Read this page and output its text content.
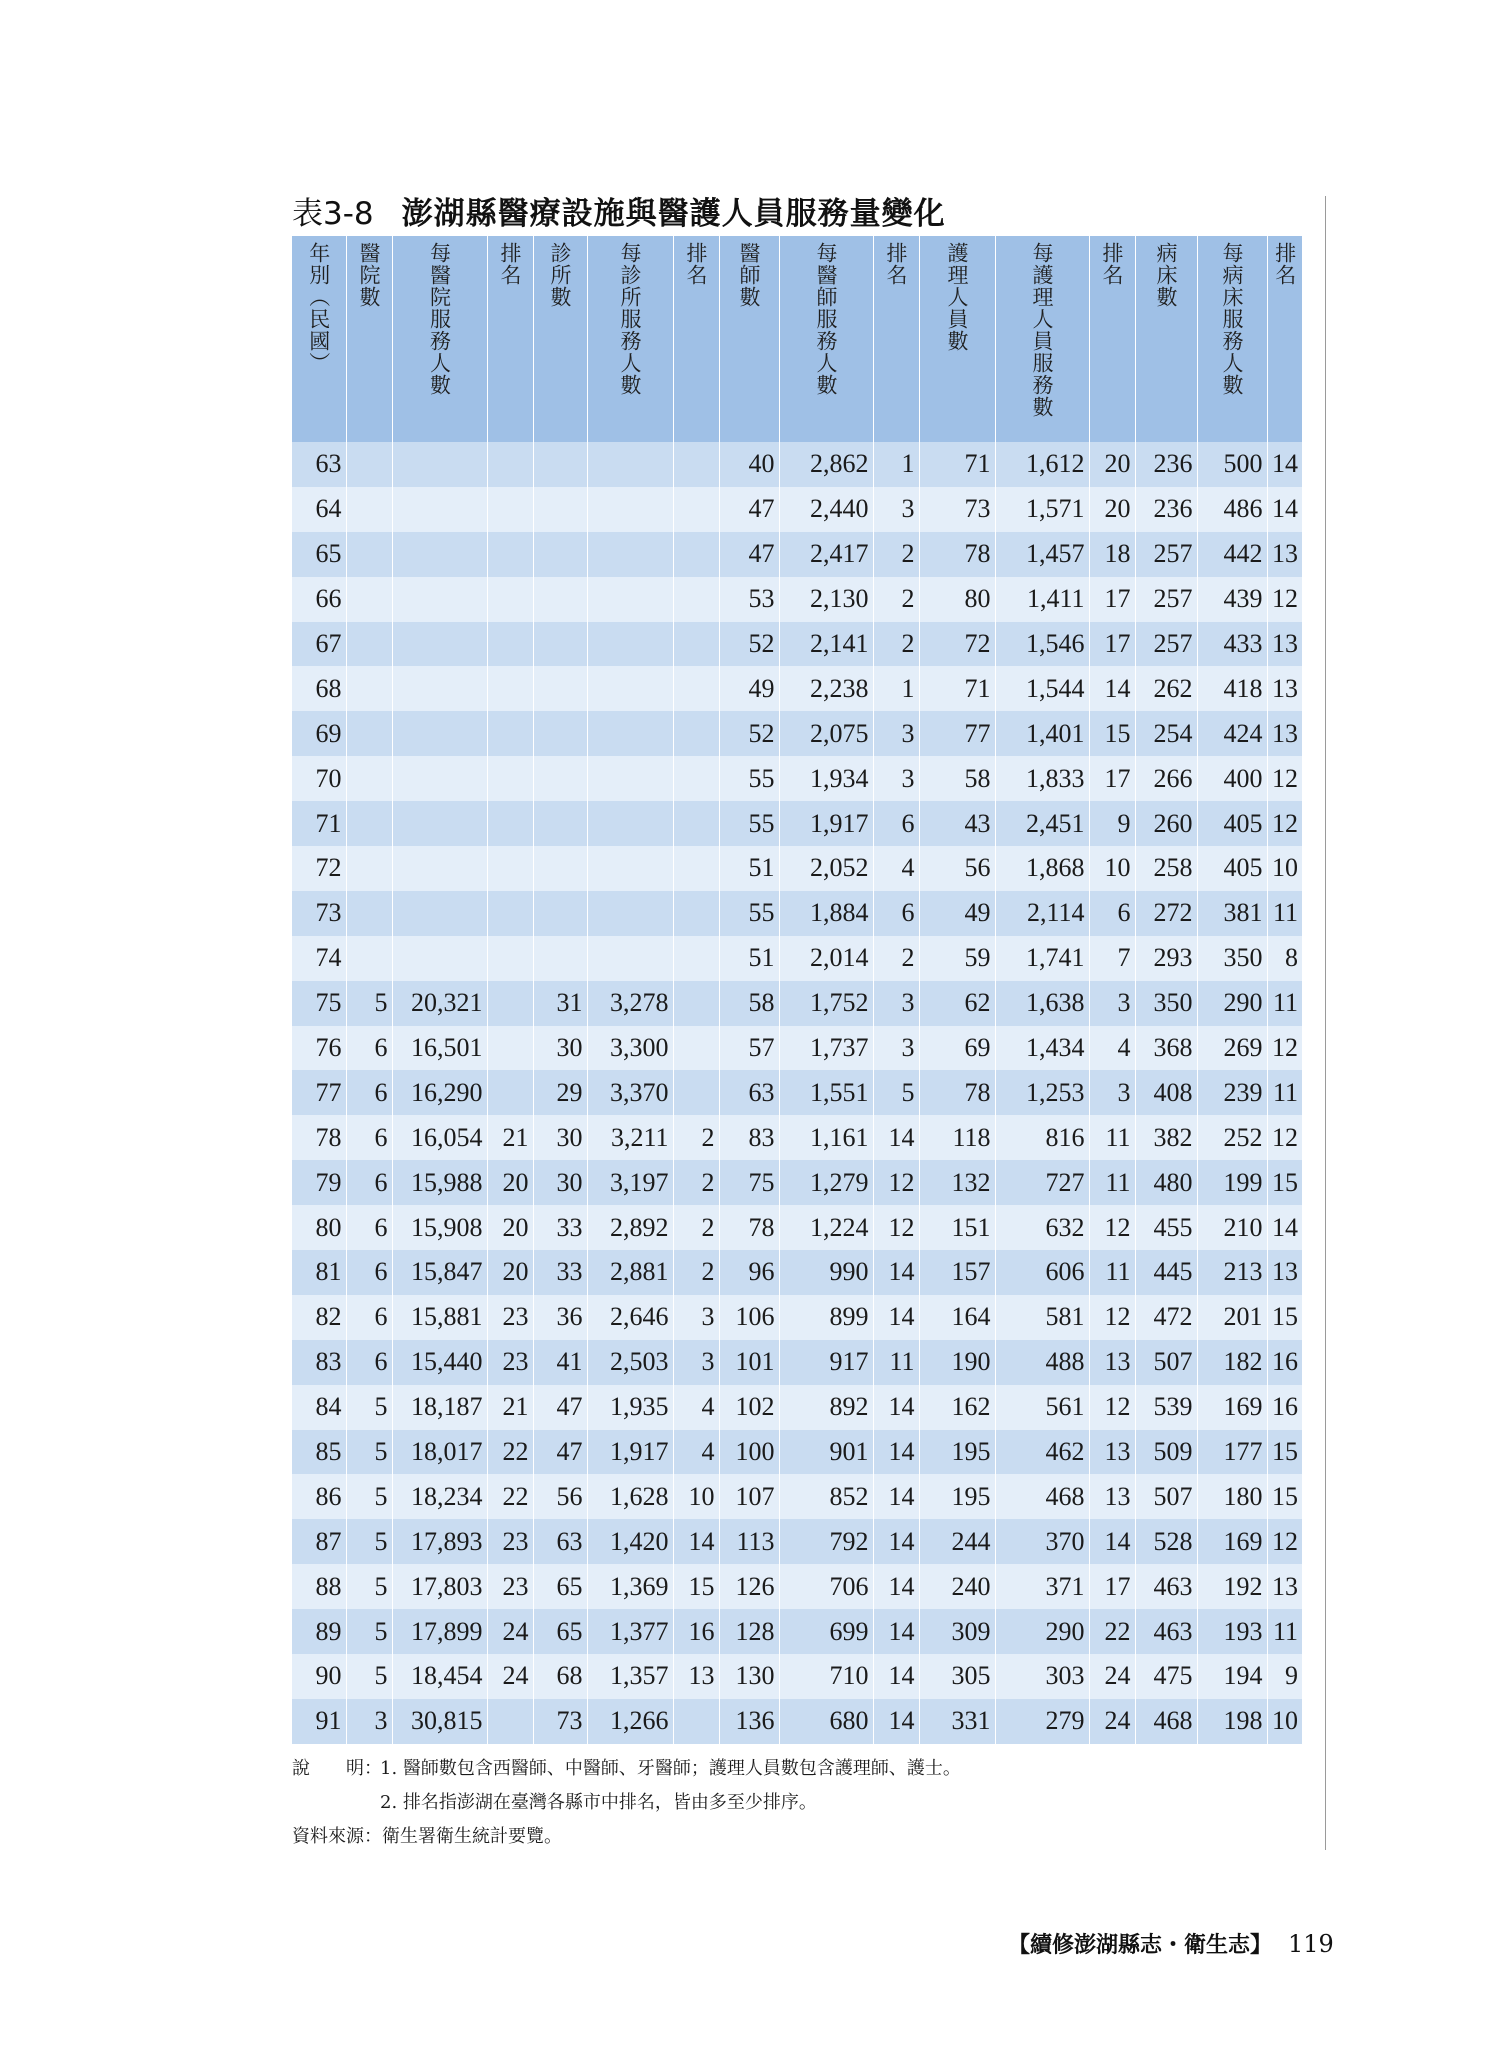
表3-8 澎湖縣醫療設施與醫護人員服務量變化
年別（民國）	醫院數	每醫院服務人數	排名	診所數	每診所服務人數	排名	醫師數	每醫師服務人數	排名	護理人員數	每護理人員服務數	排名	病床數	每病床服務人數	排名

63							40	2,862	1	71	1,612	20	236	500	14
64							47	2,440	3	73	1,571	20	236	486	14
65							47	2,417	2	78	1,457	18	257	442	13
66							53	2,130	2	80	1,411	17	257	439	12
67							52	2,141	2	72	1,546	17	257	433	13
68							49	2,238	1	71	1,544	14	262	418	13
69							52	2,075	3	77	1,401	15	254	424	13
70							55	1,934	3	58	1,833	17	266	400	12
71							55	1,917	6	43	2,451	9	260	405	12
72							51	2,052	4	56	1,868	10	258	405	10
73							55	1,884	6	49	2,114	6	272	381	11
74							51	2,014	2	59	1,741	7	293	350	8
75	5	20,321		31	3,278		58	1,752	3	62	1,638	3	350	290	11
76	6	16,501		30	3,300		57	1,737	3	69	1,434	4	368	269	12
77	6	16,290		29	3,370		63	1,551	5	78	1,253	3	408	239	11
78	6	16,054	21	30	3,211	2	83	1,161	14	118	816	11	382	252	12
79	6	15,988	20	30	3,197	2	75	1,279	12	132	727	11	480	199	15
80	6	15,908	20	33	2,892	2	78	1,224	12	151	632	12	455	210	14
81	6	15,847	20	33	2,881	2	96	990	14	157	606	11	445	213	13
82	6	15,881	23	36	2,646	3	106	899	14	164	581	12	472	201	15
83	6	15,440	23	41	2,503	3	101	917	11	190	488	13	507	182	16
84	5	18,187	21	47	1,935	4	102	892	14	162	561	12	539	169	16
85	5	18,017	22	47	1,917	4	100	901	14	195	462	13	509	177	15
86	5	18,234	22	56	1,628	10	107	852	14	195	468	13	507	180	15
87	5	17,893	23	63	1,420	14	113	792	14	244	370	14	528	169	12
88	5	17,803	23	65	1,369	15	126	706	14	240	371	17	463	192	13
89	5	17,899	24	65	1,377	16	128	699	14	309	290	22	463	193	11
90	5	18,454	24	68	1,357	13	130	710	14	305	303	24	475	194	9
91	3	30,815		73	1,266		136	680	14	331	279	24	468	198	10
說　　明：1. 醫師數包含西醫師、中醫師、牙醫師；護理人員數包含護理師、護士。
2. 排名指澎湖在臺灣各縣市中排名，皆由多至少排序。
資料來源：衛生署衛生統計要覽。
【續修澎湖縣志・衛生志】 119
